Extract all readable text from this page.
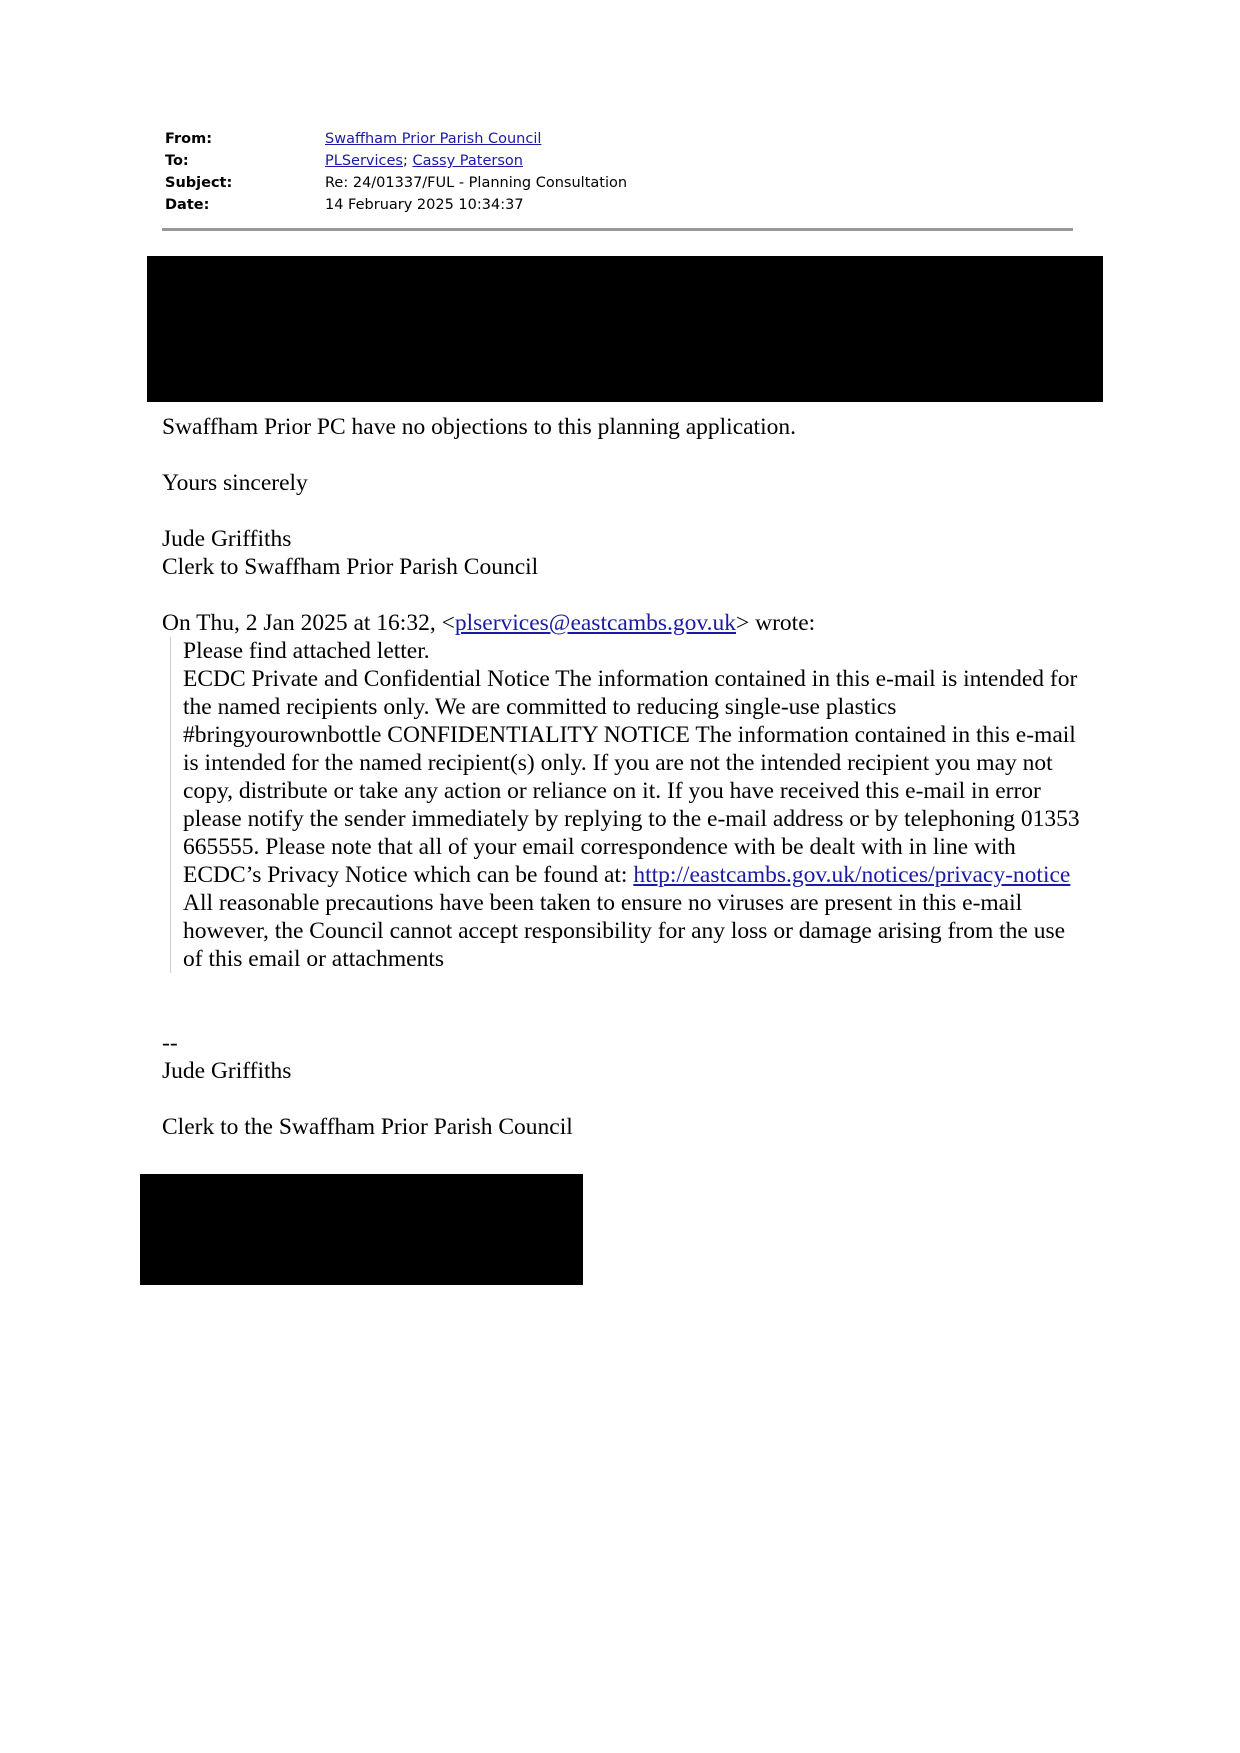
From:	Swaffham Prior Parish Council
To:	PLServices; Cassy Paterson
Subject:	Re: 24/01337/FUL - Planning Consultation
Date:	14 February 2025 10:34:37

Swaffham Prior PC have no objections to this planning application.

Yours sincerely

Jude Griffiths

Clerk to Swaffham Prior Parish Council

On Thu, 2 Jan 2025 at 16:32, <plservices@eastcambs.gov.uk> wrote:

Please find attached letter.

ECDC Private and Confidential Notice The information contained in this e-mail is intended for the named recipients only. We are committed to reducing single-use plastics #bringyourownbottle CONFIDENTIALITY NOTICE The information contained in this e-mail is intended for the named recipient(s) only. If you are not the intended recipient you may not copy, distribute or take any action or reliance on it. If you have received this e-mail in error please notify the sender immediately by replying to the e-mail address or by telephoning 01353 665555. Please note that all of your email correspondence with be dealt with in line with ECDC’s Privacy Notice which can be found at: http://eastcambs.gov.uk/notices/privacy-notice All reasonable precautions have been taken to ensure no viruses are present in this e-mail however, the Council cannot accept responsibility for any loss or damage arising from the use of this email or attachments

--

Jude Griffiths

Clerk to the Swaffham Prior Parish Council
